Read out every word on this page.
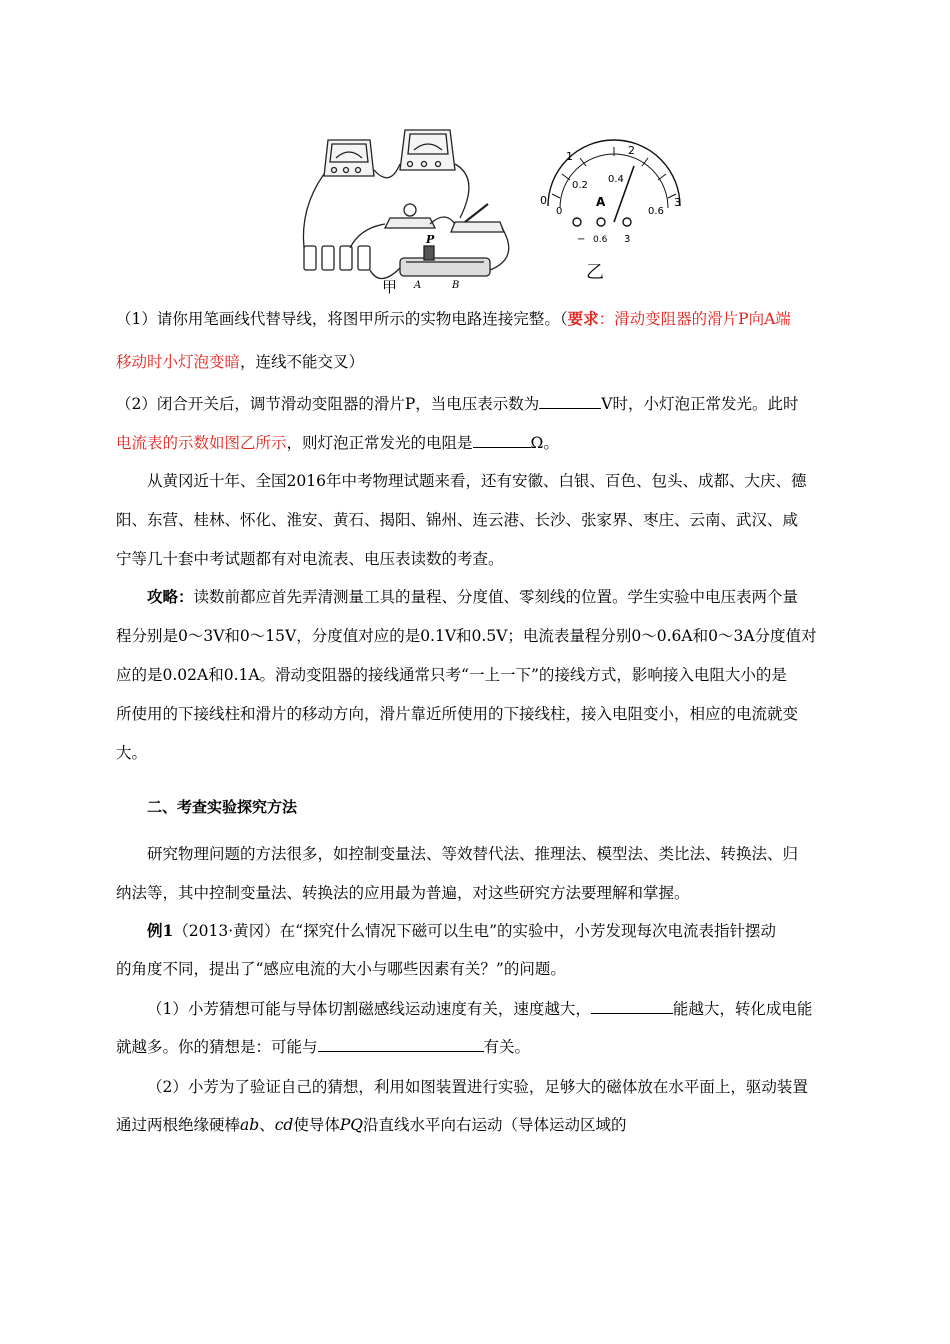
甲
P
A	B
1	2
3
0.2
0.4
0.6
0
0
A
− 0.6 3
乙
（1）请你用笔画线代替导线，将图甲所示的实物电路连接完整。（要求：滑动变阻器的滑片P向A端
移动时小灯泡变暗，连线不能交叉）
（2）闭合开关后，调节滑动变阻器的滑片P，当电压表示数为	V时，小灯泡正常发光。此时
电流表的示数如图乙所示，则灯泡正常发光的电阻是	Ω。
从黄冈近十年、全国2016年中考物理试题来看，还有安徽、白银、百色、包头、成都、大庆、德
阳、东营、桂林、怀化、淮安、黄石、揭阳、锦州、连云港、长沙、张家界、枣庄、云南、武汉、咸
宁等几十套中考试题都有对电流表、电压表读数的考查。
攻略：读数前都应首先弄清测量工具的量程、分度值、零刻线的位置。学生实验中电压表两个量
程分别是0～3V和0～15V，分度值对应的是0.1V和0.5V；电流表量程分别0～0.6A和0～3A分度值对
应的是0.02A和0.1A。滑动变阻器的接线通常只考“一上一下”的接线方式，影响接入电阻大小的是
所使用的下接线柱和滑片的移动方向，滑片靠近所使用的下接线柱，接入电阻变小，相应的电流就变
大。
二、考查实验探究方法
研究物理问题的方法很多，如控制变量法、等效替代法、推理法、模型法、类比法、转换法、归
纳法等，其中控制变量法、转换法的应用最为普遍，对这些研究方法要理解和掌握。
例1（2013·黄冈）在“探究什么情况下磁可以生电”的实验中，小芳发现每次电流表指针摆动
的角度不同，提出了“感应电流的大小与哪些因素有关？”的问题。
（1）小芳猜想可能与导体切割磁感线运动速度有关，速度越大，	能越大，转化成电能
就越多。你的猜想是：可能与	有关。
（2）小芳为了验证自己的猜想，利用如图装置进行实验，足够大的磁体放在水平面上，驱动装置
通过两根绝缘硬棒ab、cd使导体PQ沿直线水平向右运动（导体运动区域的
